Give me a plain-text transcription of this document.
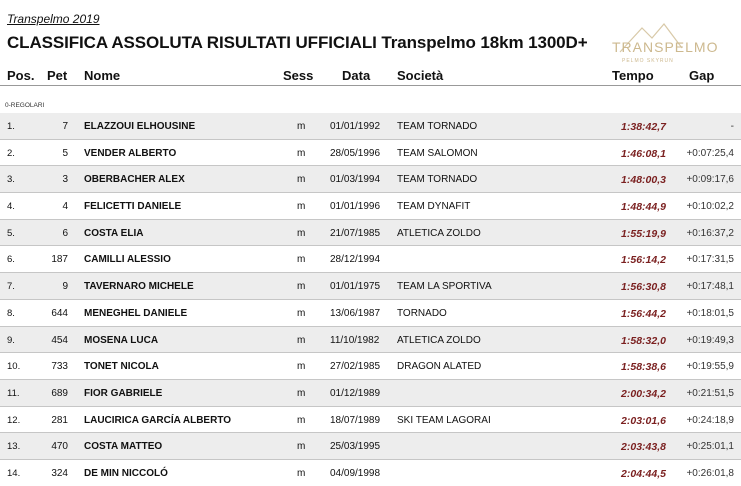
Transpelmo 2019
CLASSIFICA ASSOLUTA RISULTATI UFFICIALI Transpelmo 18km 1300D+ TRANSPELMO
PELMO SKYRUN
Pos. Pet Nome	Sess Data Società	Tempo	Gap
0-REGOLARI
1.	7 ELAZZOUI ELHOUSINE	m 01/01/1992 TEAM TORNADO	1:38:42,7	-
2.	5 VENDER ALBERTO	m 28/05/1996 TEAM SALOMON	1:46:08,1	+0:07:25,4
3.	3 OBERBACHER ALEX	m 01/03/1994 TEAM TORNADO	1:48:00,3	+0:09:17,6
4.	4 FELICETTI DANIELE	m 01/01/1996 TEAM DYNAFIT	1:48:44,9	+0:10:02,2
5.	6 COSTA ELIA	m 21/07/1985 ATLETICA ZOLDO	1:55:19,9	+0:16:37,2
6.	187 CAMILLI ALESSIO	m 28/12/1994	1:56:14,2	+0:17:31,5
7.	9 TAVERNARO MICHELE	m 01/01/1975 TEAM LA SPORTIVA	1:56:30,8	+0:17:48,1
8.	644 MENEGHEL DANIELE	m 13/06/1987 TORNADO	1:56:44,2	+0:18:01,5
9.	454 MOSENA LUCA	m 11/10/1982 ATLETICA ZOLDO	1:58:32,0	+0:19:49,3
10.	733 TONET NICOLA	m 27/02/1985 DRAGON ALATED	1:58:38,6	+0:19:55,9
11.	689 FIOR GABRIELE	m 01/12/1989	2:00:34,2	+0:21:51,5
12.	281 LAUCIRICA GARCÍA ALBERTO	m 18/07/1989 SKI TEAM LAGORAI	2:03:01,6	+0:24:18,9
13.	470 COSTA MATTEO	m 25/03/1995	2:03:43,8	+0:25:01,1
14.	324 DE MIN NICCOLÓ	m 04/09/1998	2:04:44,5	+0:26:01,8
